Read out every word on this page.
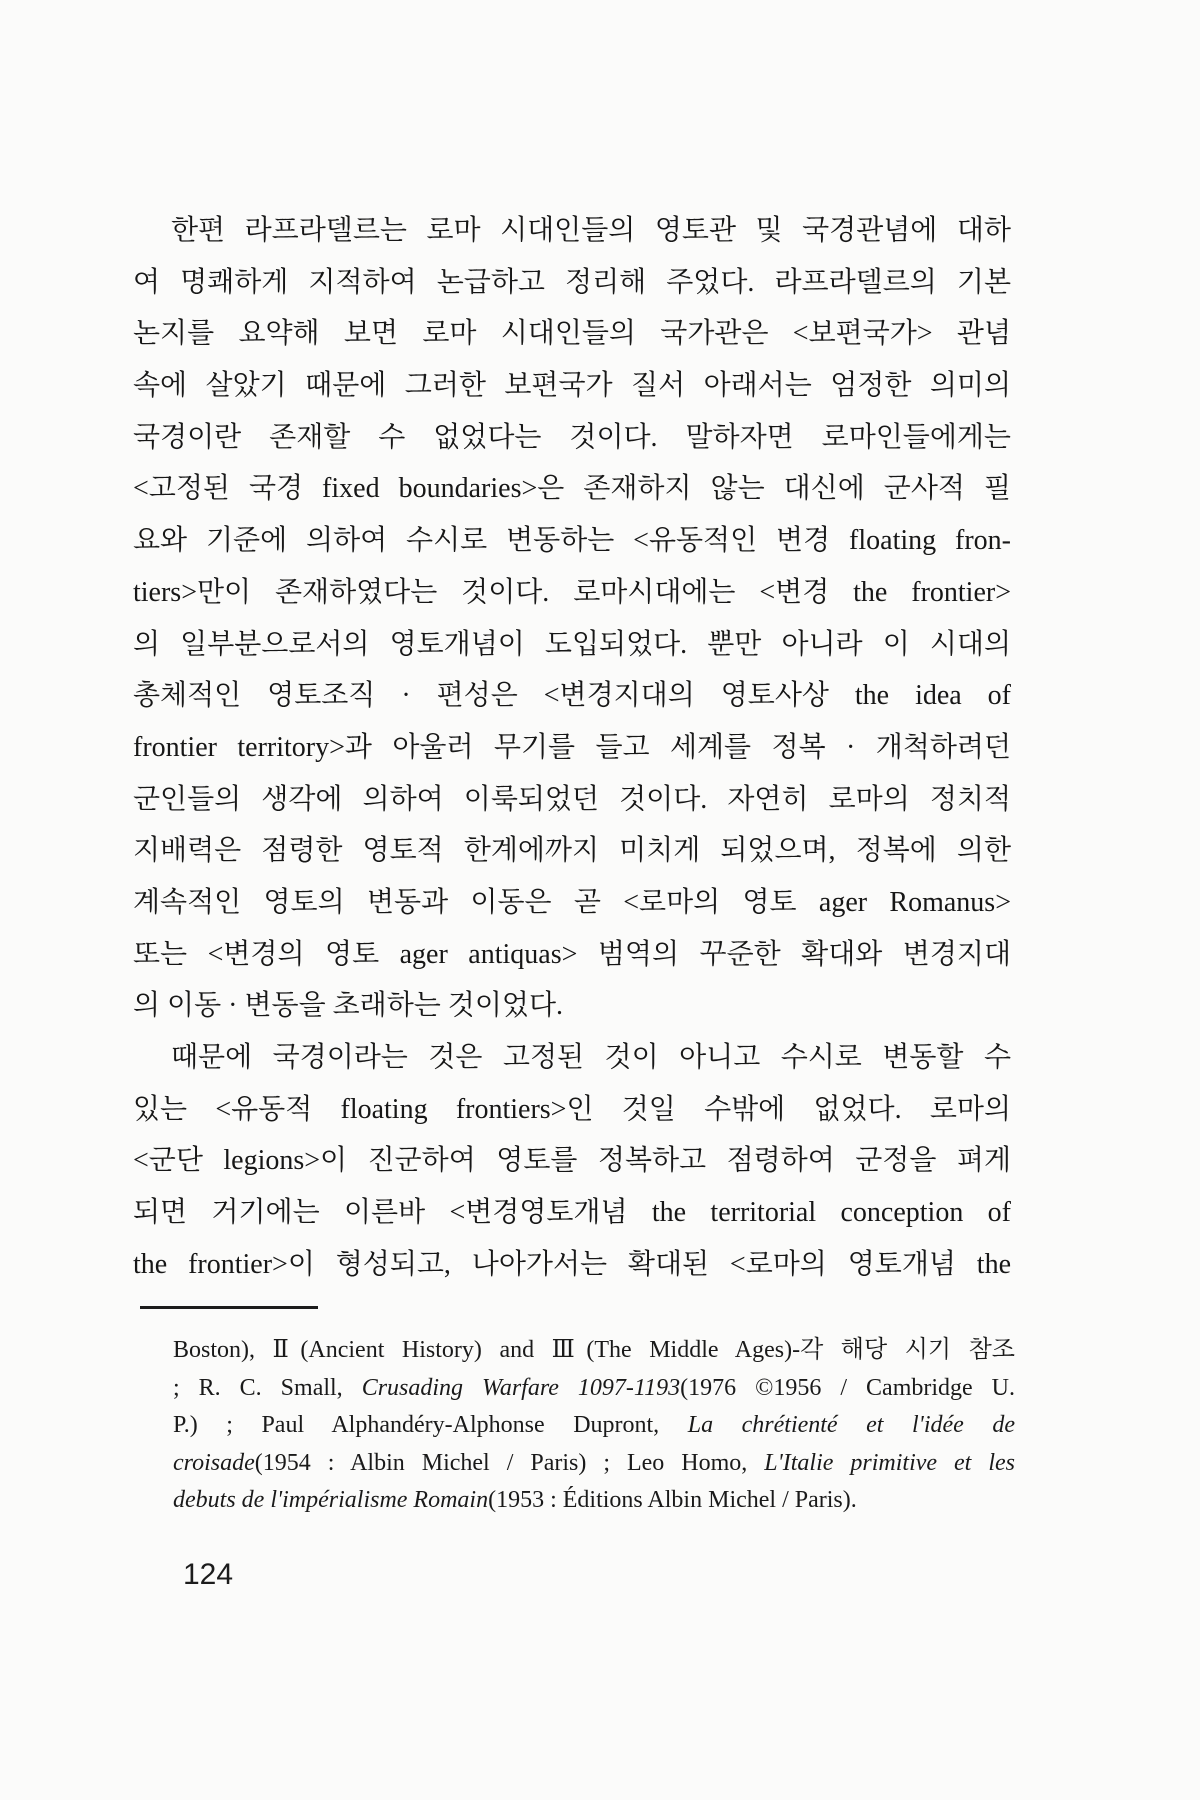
한편 라프라델르는 로마 시대인들의 영토관 및 국경관념에 대하
여 명쾌하게 지적하여 논급하고 정리해 주었다. 라프라델르의 기본
논지를 요약해 보면 로마 시대인들의 국가관은 <보편국가> 관념
속에 살았기 때문에 그러한 보편국가 질서 아래서는 엄정한 의미의
국경이란 존재할 수 없었다는 것이다. 말하자면 로마인들에게는
<고정된 국경 fixed boundaries>은 존재하지 않는 대신에 군사적 필
요와 기준에 의하여 수시로 변동하는 <유동적인 변경 floating fron-
tiers>만이 존재하였다는 것이다. 로마시대에는 <변경 the frontier>
의 일부분으로서의 영토개념이 도입되었다. 뿐만 아니라 이 시대의
총체적인 영토조직 · 편성은 <변경지대의 영토사상 the idea of
frontier territory>과 아울러 무기를 들고 세계를 정복 · 개척하려던
군인들의 생각에 의하여 이룩되었던 것이다. 자연히 로마의 정치적
지배력은 점령한 영토적 한계에까지 미치게 되었으며, 정복에 의한
계속적인 영토의 변동과 이동은 곧 <로마의 영토 ager Romanus>
또는 <변경의 영토 ager antiquas> 범역의 꾸준한 확대와 변경지대
의 이동 · 변동을 초래하는 것이었다.
때문에 국경이라는 것은 고정된 것이 아니고 수시로 변동할 수
있는 <유동적 floating frontiers>인 것일 수밖에 없었다. 로마의
<군단 legions>이 진군하여 영토를 정복하고 점령하여 군정을 펴게
되면 거기에는 이른바 <변경영토개념 the territorial conception of
the frontier>이 형성되고, 나아가서는 확대된 <로마의 영토개념 the
Boston), Ⅱ(Ancient History) and Ⅲ(The Middle Ages)-각 해당 시기 참조
; R. C. Small, Crusading Warfare 1097-1193(1976 ©1956 / Cambridge U.
P.) ; Paul Alphandéry-Alphonse Dupront, La chrétienté et l'idée de
croisade(1954 : Albin Michel / Paris) ; Leo Homo, L'Italie primitive et les
debuts de l'impérialisme Romain(1953 : Éditions Albin Michel / Paris).
124
